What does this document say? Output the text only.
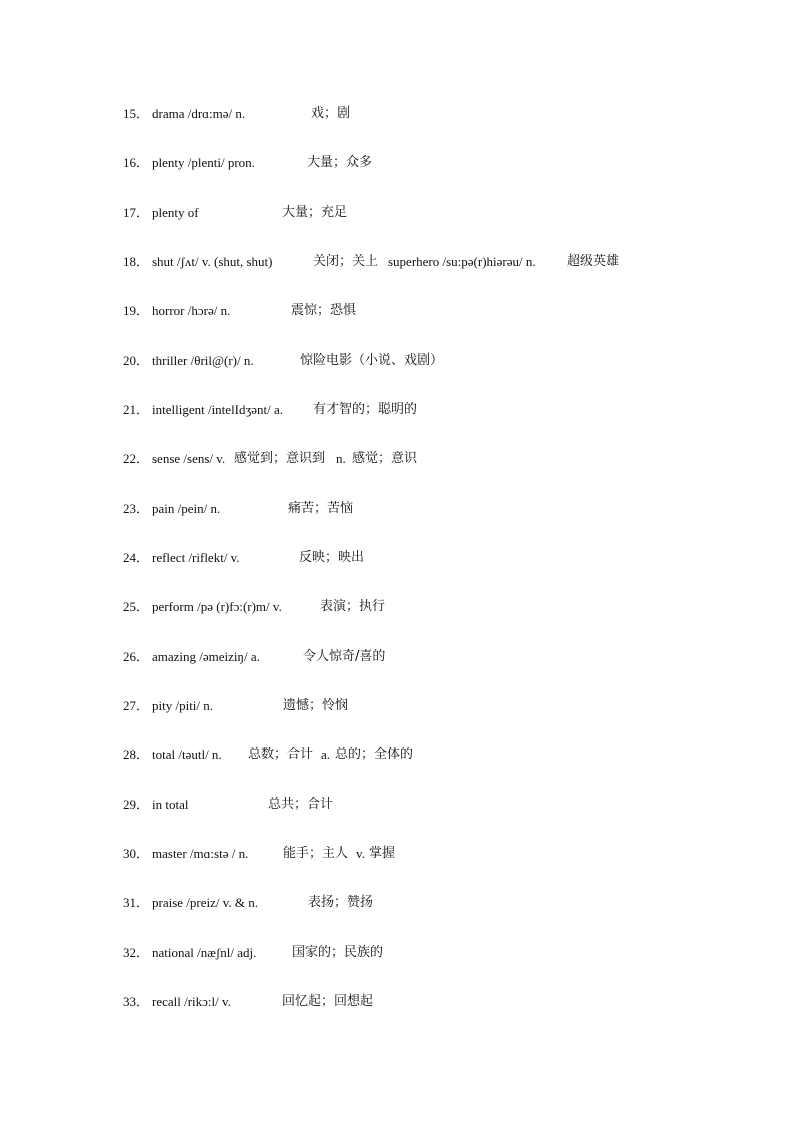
15． drama /drɑ:mə/ n.	戏；剧
16． plenty /plenti/ pron.	大量；众多
17． plenty of	大量；充足
18． shut /ʃʌt/ v. (shut, shut)	关闭；关上 superhero /su:pə(r)hiərəu/ n. 超级英雄
19． horror /hɔrə/ n.	震惊；恐惧
20． thriller /θril@(r)/ n.	惊险电影（小说、戏剧）
21． intelligent /intelIdʒənt/ a. 有才智的；聪明的
22． sense /sens/ v. 感觉到；意识到 n. 感觉；意识
23． pain /pein/ n.	痛苦；苦恼
24． reflect /riflekt/ v.	反映；映出
25． perform /pə (r)fɔ:(r)m/ v.	表演；执行
26． amazing /əmeiziŋ/ a.	令人惊奇/喜的
27． pity /piti/ n.	遗憾；怜悯
28． total /təutl/ n. 总数；合计 a. 总的；全体的
29． in total	总共；合计
30． master /mɑ:stə / n.	能手；主人 v. 掌握
31． praise /preiz/ v. & n.	表扬；赞扬
32． national /næʃnl/ adj.	国家的；民族的
33． recall /rikɔ:l/ v.	回忆起；回想起
